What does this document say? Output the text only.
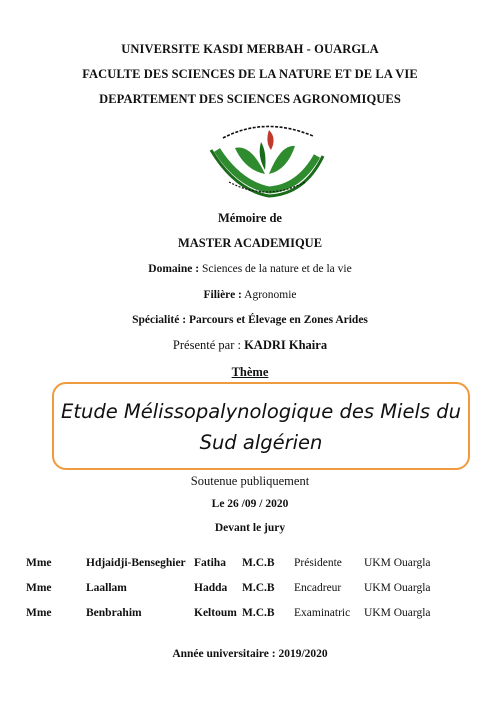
UNIVERSITE KASDI MERBAH - OUARGLA
FACULTE DES SCIENCES DE LA NATURE ET DE LA VIE
DEPARTEMENT DES SCIENCES AGRONOMIQUES
Mémoire de
MASTER ACADEMIQUE
Domaine : Sciences de la nature et de la vie
Filière : Agronomie
Spécialité : Parcours et Élevage en Zones Arides
Présenté par : KADRI Khaira
Thème
Etude Mélissopalynologique des Miels du
Sud algérien
Soutenue publiquement
Le 26 /09 / 2020
Devant le jury
Mme	Hdjaidji-Benseghier	Fatiha	M.C.B	Présidente	UKM Ouargla
Mme	Laallam	Hadda	M.C.B	Encadreur	UKM Ouargla
Mme	Benbrahim	Keltoum	M.C.B	Examinatric	UKM Ouargla
Année universitaire : 2019/2020
